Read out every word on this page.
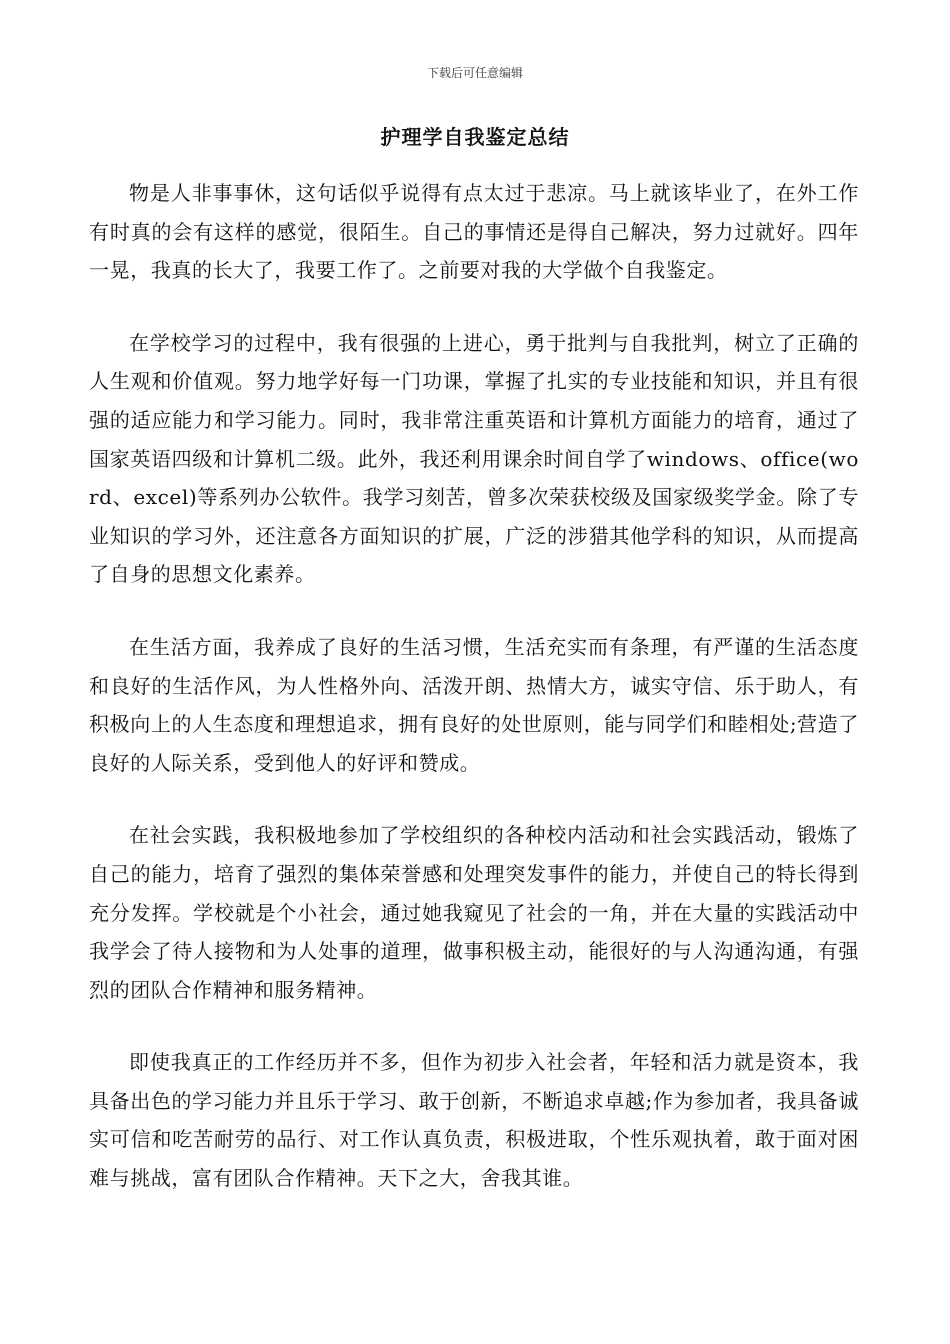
下载后可任意编辑
护理学自我鉴定总结

物是人非事事休，这句话似乎说得有点太过于悲凉。马上就该毕业了，在外工作有时真的会有这样的感觉，很陌生。自己的事情还是得自己解决，努力过就好。四年一晃，我真的长大了，我要工作了。之前要对我的大学做个自我鉴定。

在学校学习的过程中，我有很强的上进心，勇于批判与自我批判，树立了正确的人生观和价值观。努力地学好每一门功课，掌握了扎实的专业技能和知识，并且有很强的适应能力和学习能力。同时，我非常注重英语和计算机方面能力的培育，通过了国家英语四级和计算机二级。此外，我还利用课余时间自学了windows、office(word、excel)等系列办公软件。我学习刻苦，曾多次荣获校级及国家级奖学金。除了专业知识的学习外，还注意各方面知识的扩展，广泛的涉猎其他学科的知识，从而提高了自身的思想文化素养。

在生活方面，我养成了良好的生活习惯，生活充实而有条理，有严谨的生活态度和良好的生活作风，为人性格外向、活泼开朗、热情大方，诚实守信、乐于助人，有积极向上的人生态度和理想追求，拥有良好的处世原则，能与同学们和睦相处;营造了良好的人际关系，受到他人的好评和赞成。

在社会实践，我积极地参加了学校组织的各种校内活动和社会实践活动，锻炼了自己的能力，培育了强烈的集体荣誉感和处理突发事件的能力，并使自己的特长得到充分发挥。学校就是个小社会，通过她我窥见了社会的一角，并在大量的实践活动中我学会了待人接物和为人处事的道理，做事积极主动，能很好的与人沟通沟通，有强烈的团队合作精神和服务精神。

即使我真正的工作经历并不多，但作为初步入社会者，年轻和活力就是资本，我具备出色的学习能力并且乐于学习、敢于创新，不断追求卓越;作为参加者，我具备诚实可信和吃苦耐劳的品行、对工作认真负责，积极进取，个性乐观执着，敢于面对困难与挑战，富有团队合作精神。天下之大，舍我其谁。
